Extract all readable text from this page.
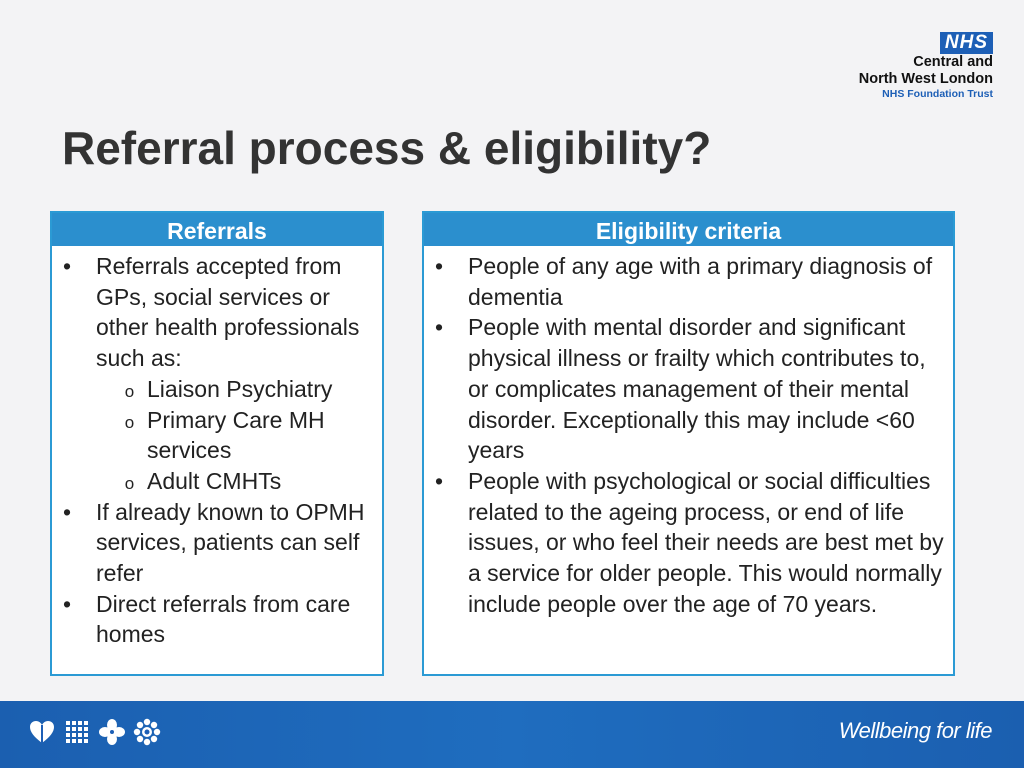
NHS
Central and
North West London
NHS Foundation Trust
Referral process & eligibility?
Referrals
• Referrals accepted from GPs, social services or other health professionals such as:
o Liaison Psychiatry
o Primary Care MH services
o Adult CMHTs
• If already known to OPMH services, patients can self refer
• Direct referrals from care homes
Eligibility criteria
• People of any age with a primary diagnosis of dementia
• People with mental disorder and significant physical illness or frailty which contributes to, or complicates management of their mental disorder. Exceptionally this may include <60 years
• People with psychological or social difficulties related to the ageing process, or end of life issues, or who feel their needs are best met by a service for older people. This would normally include people over the age of 70 years.
Wellbeing for life
